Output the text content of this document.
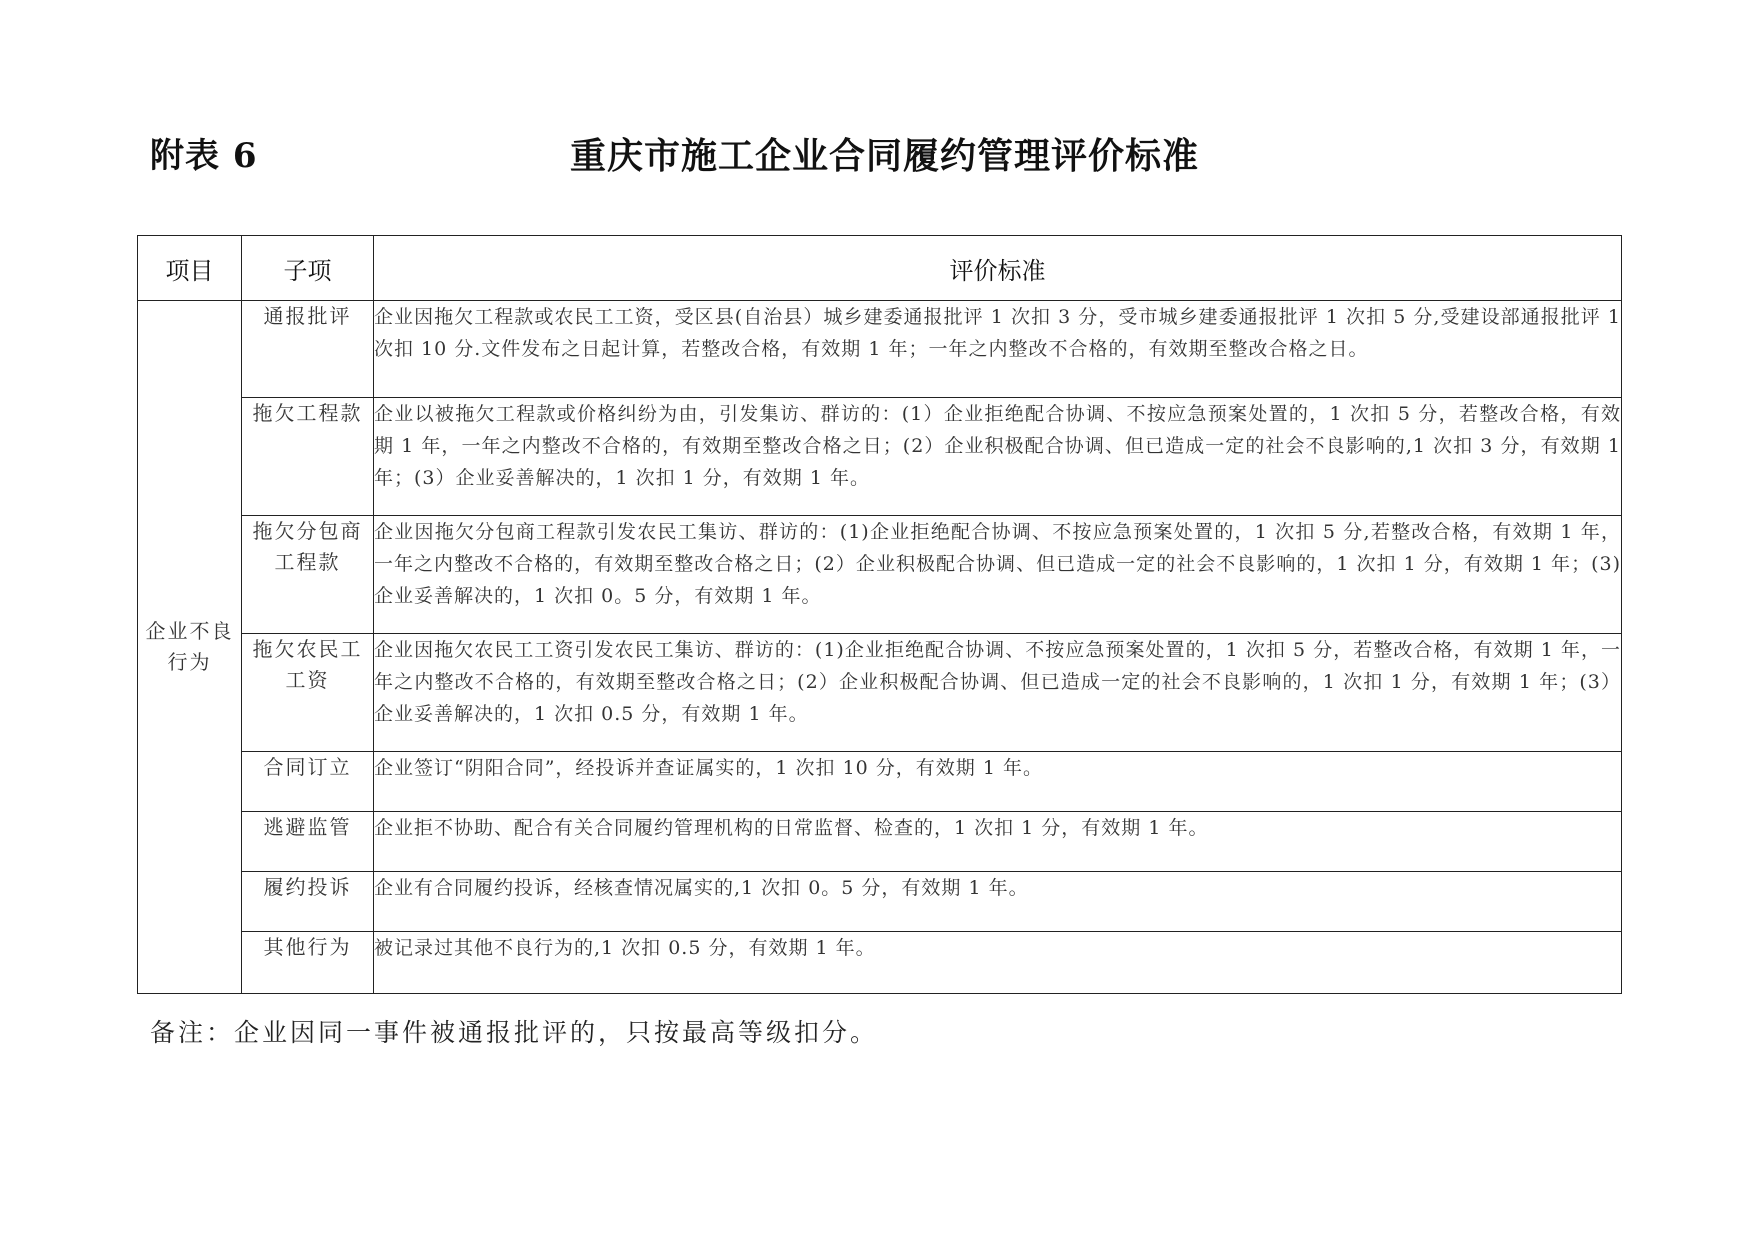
附表 6	重庆市施工企业合同履约管理评价标准
项目	子项	评价标准
企业不良行为	通报批评	企业因拖欠工程款或农民工工资，受区县(自治县）城乡建委通报批评 1 次扣 3 分，受市城乡建委通报批评 1 次扣 5 分,受建设部通报批评 1 次扣 10 分.文件发布之日起计算，若整改合格，有效期 1 年；一年之内整改不合格的，有效期至整改合格之日。
	拖欠工程款	企业以被拖欠工程款或价格纠纷为由，引发集访、群访的：(1）企业拒绝配合协调、不按应急预案处置的，1 次扣 5 分，若整改合格，有效期 1 年，一年之内整改不合格的，有效期至整改合格之日；(2）企业积极配合协调、但已造成一定的社会不良影响的,1 次扣 3 分，有效期 1 年；(3）企业妥善解决的，1 次扣 1 分，有效期 1 年。
	拖欠分包商工程款	企业因拖欠分包商工程款引发农民工集访、群访的：(1)企业拒绝配合协调、不按应急预案处置的，1 次扣 5 分,若整改合格，有效期 1 年，一年之内整改不合格的，有效期至整改合格之日；(2）企业积极配合协调、但已造成一定的社会不良影响的，1 次扣 1 分，有效期 1 年；(3)企业妥善解决的，1 次扣 0。5 分，有效期 1 年。
	拖欠农民工工资	企业因拖欠农民工工资引发农民工集访、群访的：(1)企业拒绝配合协调、不按应急预案处置的，1 次扣 5 分，若整改合格，有效期 1 年，一年之内整改不合格的，有效期至整改合格之日；(2）企业积极配合协调、但已造成一定的社会不良影响的，1 次扣 1 分，有效期 1 年；(3）企业妥善解决的，1 次扣 0.5 分，有效期 1 年。
	合同订立	企业签订“阴阳合同”，经投诉并查证属实的，1 次扣 10 分，有效期 1 年。
	逃避监管	企业拒不协助、配合有关合同履约管理机构的日常监督、检查的，1 次扣 1 分，有效期 1 年。
	履约投诉	企业有合同履约投诉，经核查情况属实的,1 次扣 0。5 分，有效期 1 年。
	其他行为	被记录过其他不良行为的,1 次扣 0.5 分，有效期 1 年。
备注：企业因同一事件被通报批评的，只按最高等级扣分。
